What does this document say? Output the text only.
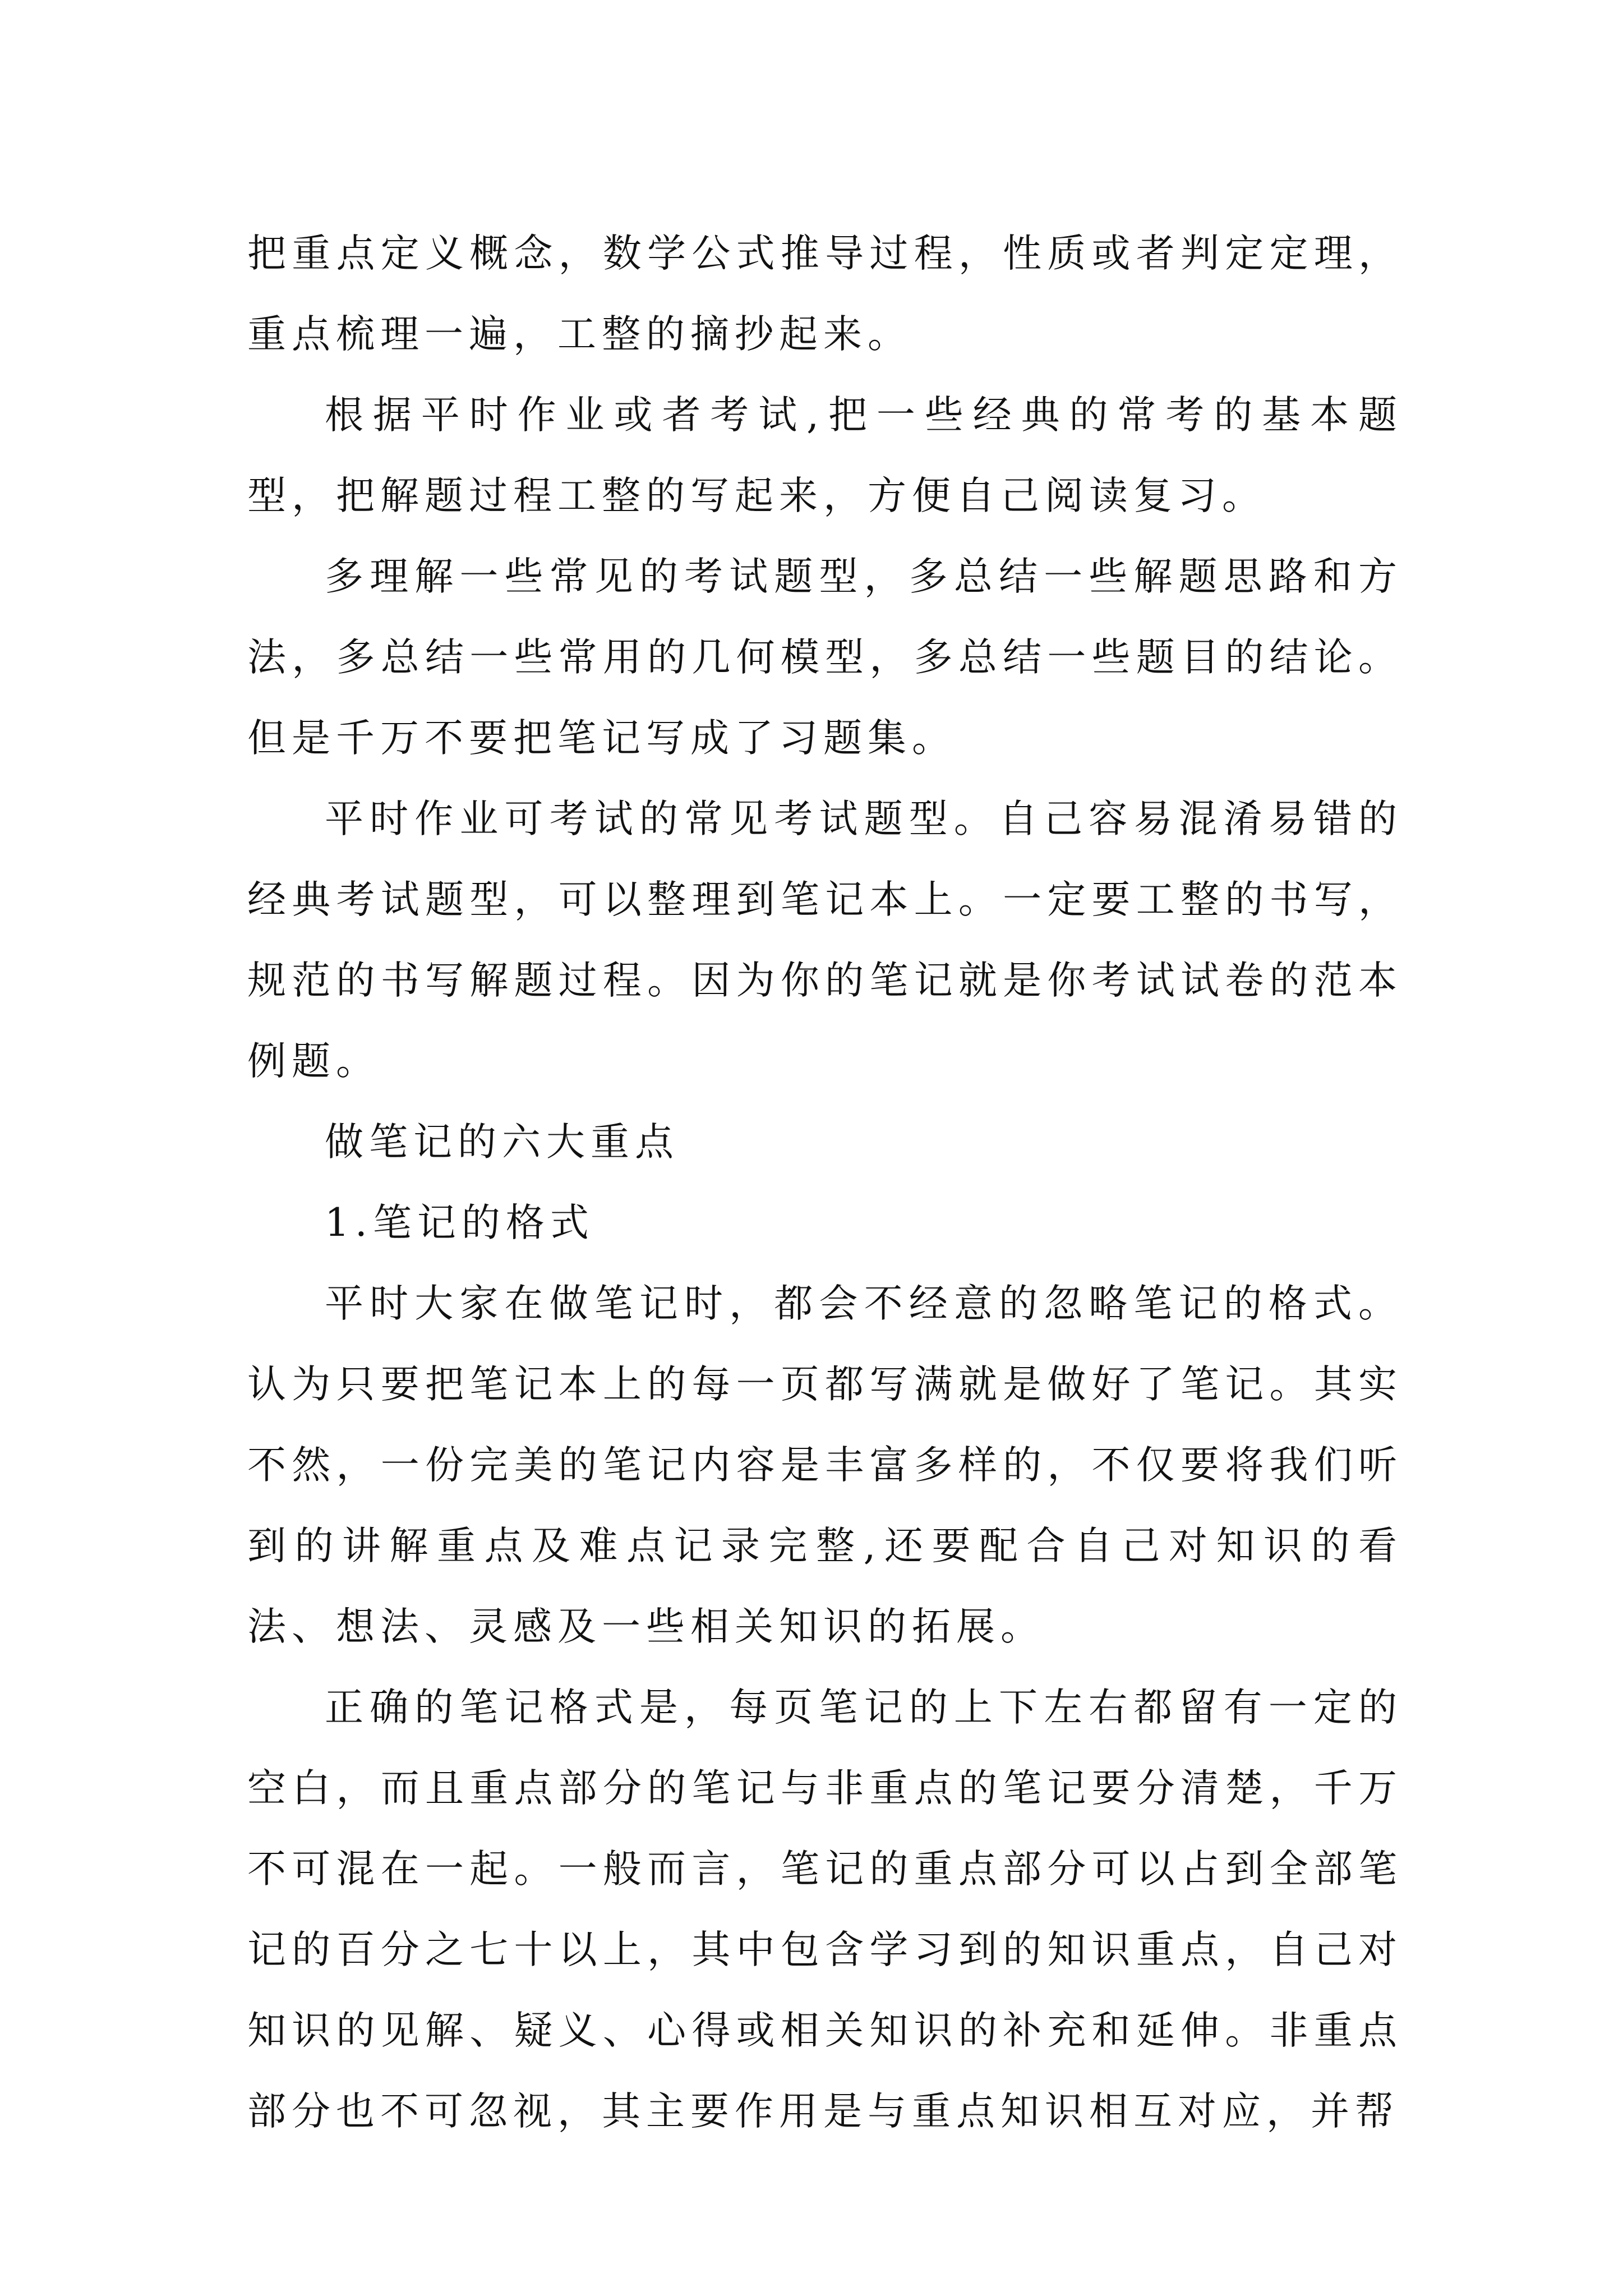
把重点定义概念，数学公式推导过程，性质或者判定定理，重点梳理一遍，工整的摘抄起来。

根据平时作业或者考试,把一些经典的常考的基本题型，把解题过程工整的写起来，方便自己阅读复习。

多理解一些常见的考试题型，多总结一些解题思路和方法，多总结一些常用的几何模型，多总结一些题目的结论。但是千万不要把笔记写成了习题集。

平时作业可考试的常见考试题型。自己容易混淆易错的经典考试题型，可以整理到笔记本上。一定要工整的书写，规范的书写解题过程。因为你的笔记就是你考试试卷的范本例题。

做笔记的六大重点

1.笔记的格式

平时大家在做笔记时，都会不经意的忽略笔记的格式。认为只要把笔记本上的每一页都写满就是做好了笔记。其实不然，一份完美的笔记内容是丰富多样的，不仅要将我们听到的讲解重点及难点记录完整,还要配合自己对知识的看法、想法、灵感及一些相关知识的拓展。

正确的笔记格式是，每页笔记的上下左右都留有一定的空白，而且重点部分的笔记与非重点的笔记要分清楚，千万不可混在一起。一般而言，笔记的重点部分可以占到全部笔记的百分之七十以上，其中包含学习到的知识重点，自己对知识的见解、疑义、心得或相关知识的补充和延伸。非重点部分也不可忽视，其主要作用是与重点知识相互对应，并帮
